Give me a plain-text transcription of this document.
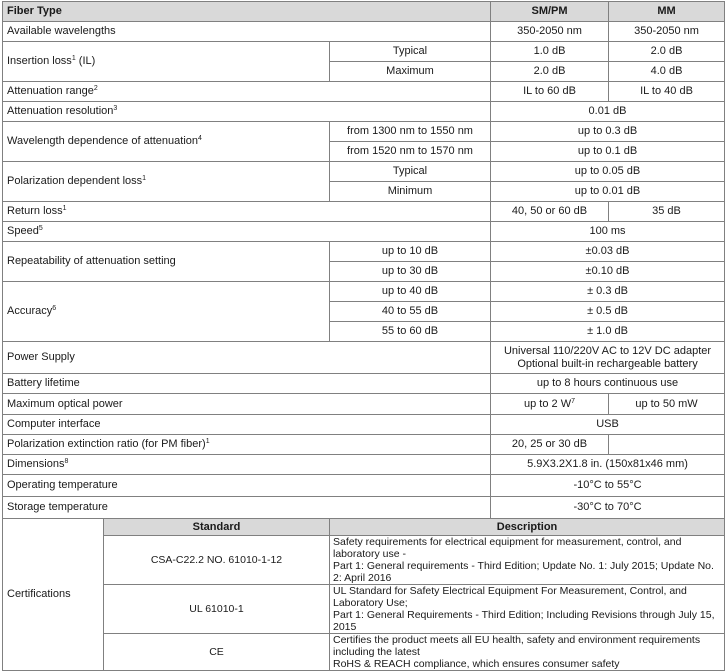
Fiber Type			SM/PM	MM
Available wavelengths			350-2050 nm	350-2050 nm
Insertion loss$^1$ (IL)		Typical	1.0 dB	2.0 dB
		Maximum	2.0 dB	4.0 dB
Attenuation range$^2$			IL to 60 dB	IL to 40 dB
Attenuation resolution$^3$			0.01 dB	
Wavelength dependence of attenuation$^4$		from 1300 nm to 1550 nm	up to 0.3 dB	
		from 1520 nm to 1570 nm	up to 0.1 dB	
Polarization dependent loss$^1$		Typical	up to 0.05 dB	
		Minimum	up to 0.01 dB	
Return loss$^1$			40, 50 or 60 dB	35 dB
Speed$^5$			100 ms	
Repeatability of attenuation setting		up to 10 dB	±0.03 dB	
		up to 30 dB	±0.10 dB	
Accuracy$^6$		up to 40 dB	± 0.3 dB	
		40 to 55 dB	± 0.5 dB	
		55 to 60 dB	± 1.0 dB	
Power Supply			Universal 110/220V AC to 12V DC adapter
Optional built-in rechargeable battery	

Battery lifetime			up to 8 hours continuous use	
Maximum optical power			up to 2 $W^7$	up to 50 mW
Computer interface			USB	
Polarization extinction ratio (for PM fiber)$^1$			20, 25 or 30 dB	
Dimensions$^8$			5.9X3.2X1.8 in. (150x81x46 mm)	
Operating temperature			-10°C to 55°C	
Storage temperature			-30°C to 70°C	
Certifications	Standard	Description		
	CSA-C22.2 NO. 61010-1-12	Safety requirements for electrical equipment for measurement, control, and laboratory use -
Part 1: General requirements - Third Edition; Update No. 1: July 2015; Update No. 2: April 2016		

	UL 61010-1	UL Standard for Safety Electrical Equipment For Measurement, Control, and Laboratory Use;
Part 1: General Requirements - Third Edition; Including Revisions through July 15, 2015		

	CE	Certifies the product meets all EU health, safety and environment requirements including the latest
RoHS & REACH compliance, which ensures consumer safety		
